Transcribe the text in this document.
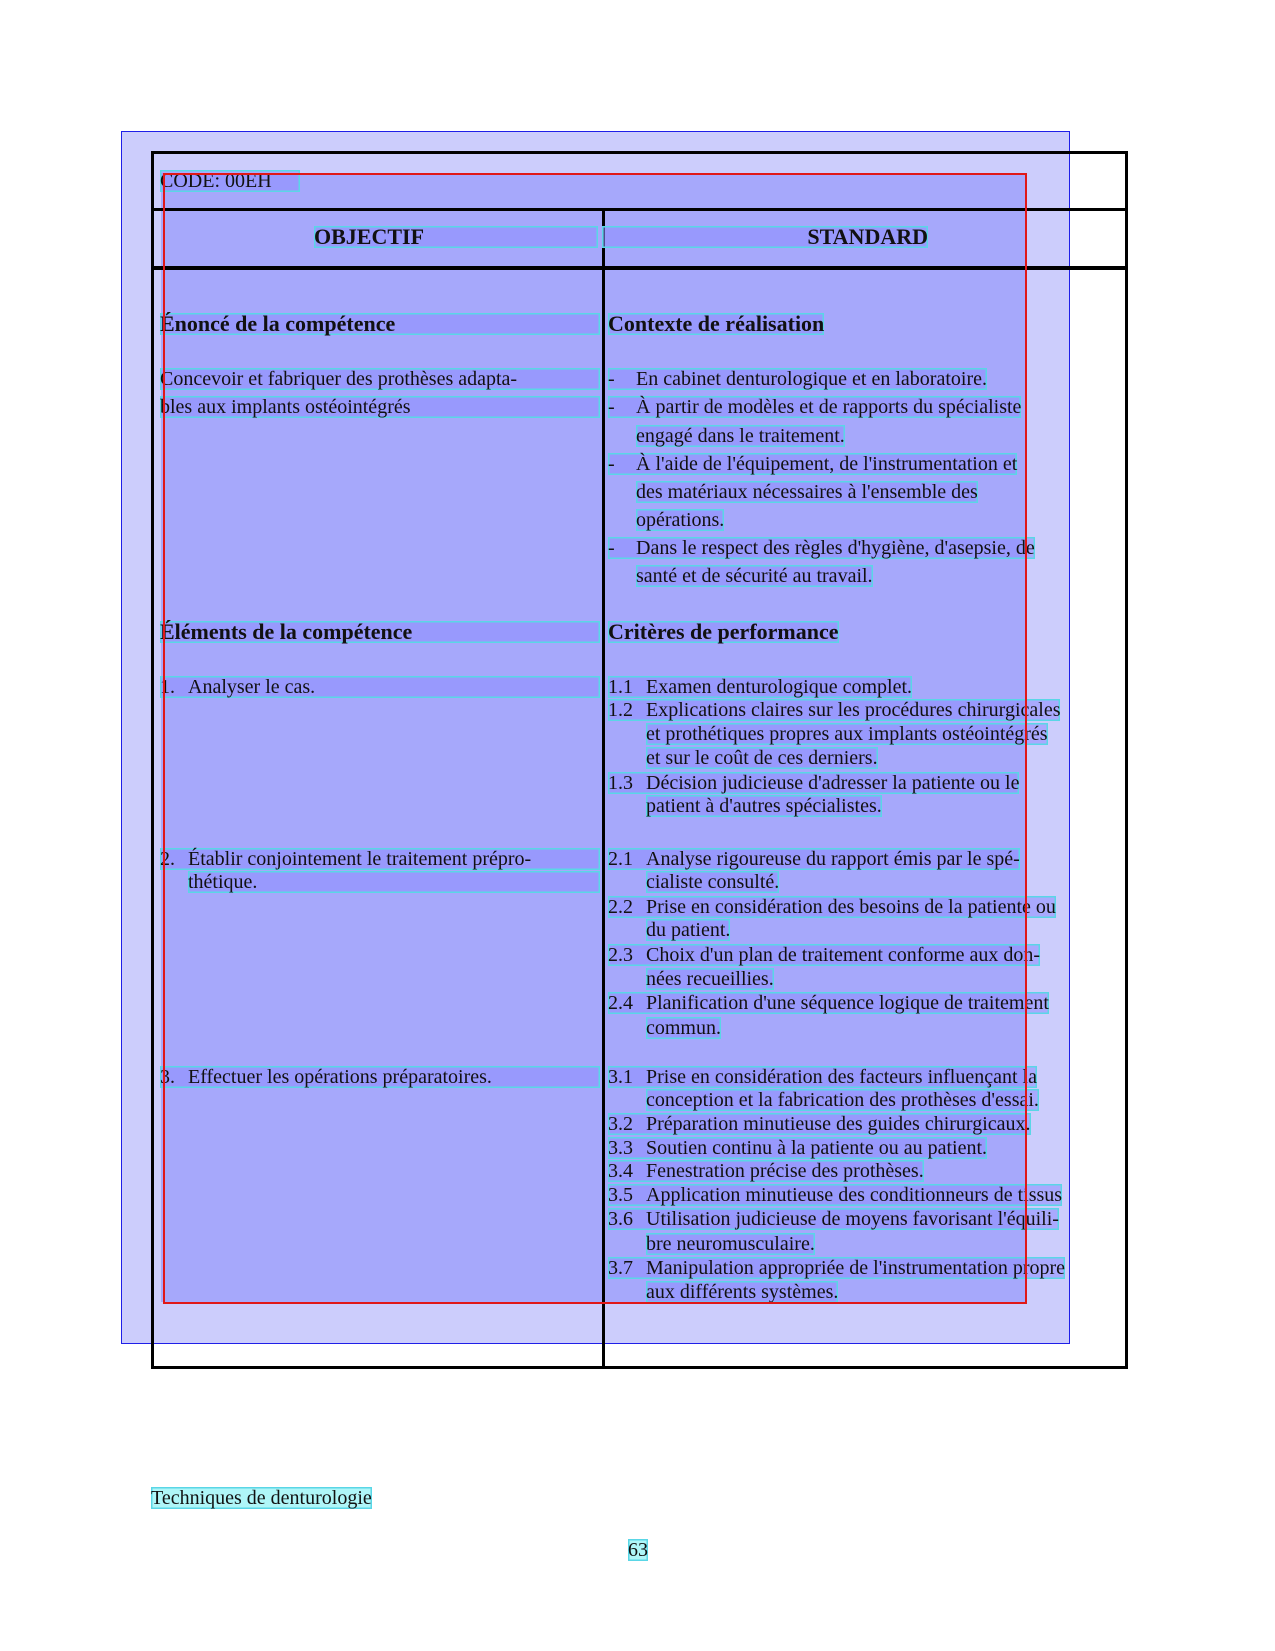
CODE: 00EH
OBJECTIF	STANDARD
Énoncé de la compétence
Concevoir et fabriquer des prothèses adapta-
bles aux implants ostéointégrés
Contexte de réalisation
- En cabinet denturologique et en laboratoire.
- À partir de modèles et de rapports du spécialiste
engagé dans le traitement.
- À l'aide de l'équipement, de l'instrumentation et
des matériaux nécessaires à l'ensemble des
opérations.
- Dans le respect des règles d'hygiène, d'asepsie, de
santé et de sécurité au travail.
Éléments de la compétence
1. Analyser le cas.
2. Établir conjointement le traitement prépro-
thétique.
3. Effectuer les opérations préparatoires.
Critères de performance
1.1 Examen denturologique complet.
1.2 Explications claires sur les procédures chirurgicales
et prothétiques propres aux implants ostéointégrés
et sur le coût de ces derniers.
1.3 Décision judicieuse d'adresser la patiente ou le
patient à d'autres spécialistes.
2.1 Analyse rigoureuse du rapport émis par le spé-
cialiste consulté.
2.2 Prise en considération des besoins de la patiente ou
du patient.
2.3 Choix d'un plan de traitement conforme aux don-
nées recueillies.
2.4 Planification d'une séquence logique de traitement
commun.
3.1 Prise en considération des facteurs influençant la
conception et la fabrication des prothèses d'essai.
3.2 Préparation minutieuse des guides chirurgicaux.
3.3 Soutien continu à la patiente ou au patient.
3.4 Fenestration précise des prothèses.
3.5 Application minutieuse des conditionneurs de tissus
3.6 Utilisation judicieuse de moyens favorisant l'équili-
bre neuromusculaire.
3.7 Manipulation appropriée de l'instrumentation propre
aux différents systèmes.
Techniques de denturologie
63
